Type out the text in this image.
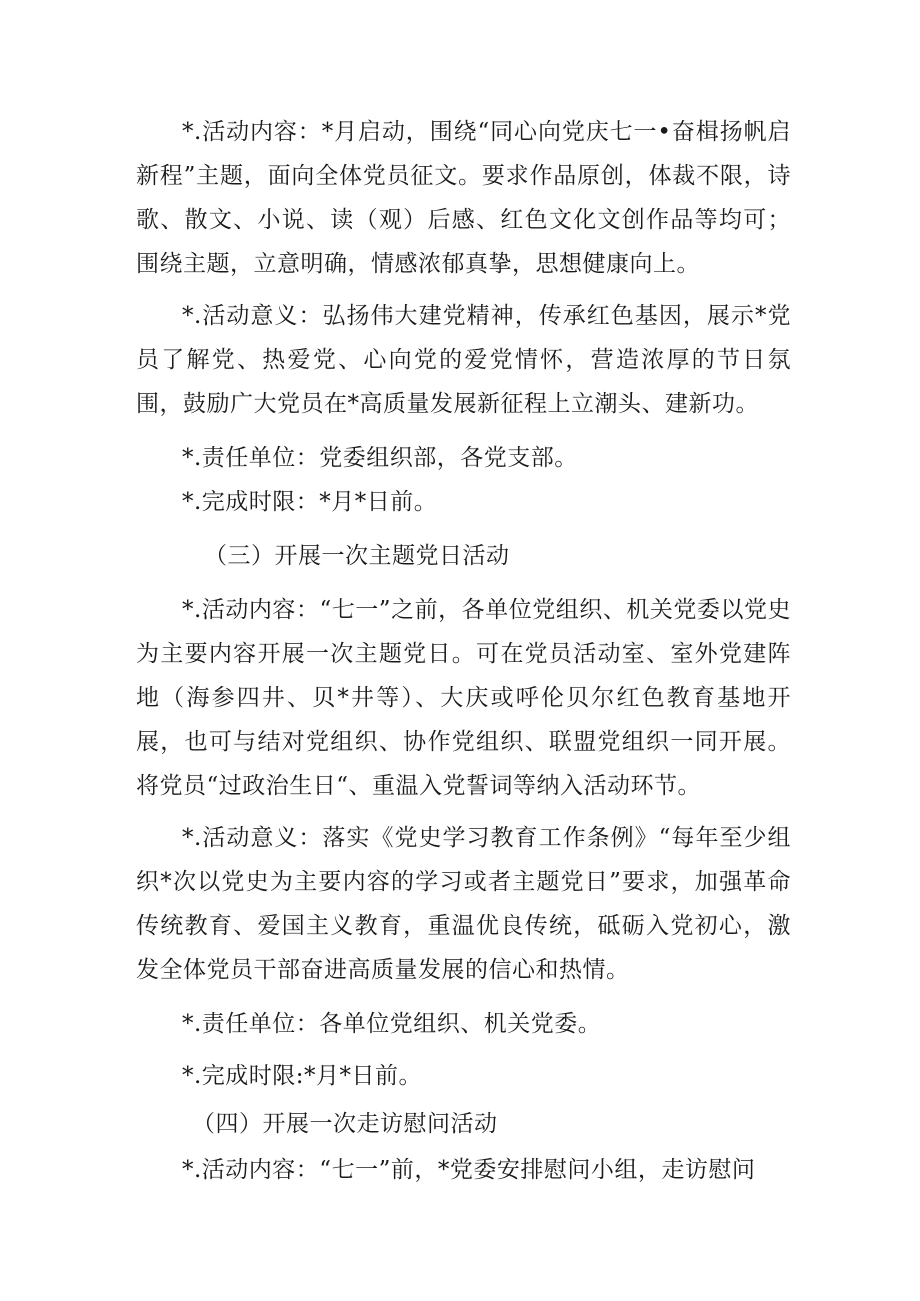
*.活动内容：*月启动，围绕“同心向党庆七一•奋楫扬帆启新程”主题，面向全体党员征文。要求作品原创，体裁不限，诗歌、散文、小说、读（观）后感、红色文化文创作品等均可；围绕主题，立意明确，情感浓郁真挚，思想健康向上。

*.活动意义：弘扬伟大建党精神，传承红色基因，展示*党员了解党、热爱党、心向党的爱党情怀，营造浓厚的节日氛围，鼓励广大党员在*高质量发展新征程上立潮头、建新功。

*.责任单位：党委组织部，各党支部。

*.完成时限：*月*日前。

（三）开展一次主题党日活动

*.活动内容：“七一”之前，各单位党组织、机关党委以党史为主要内容开展一次主题党日。可在党员活动室、室外党建阵地（海参四井、贝*井等）、大庆或呼伦贝尔红色教育基地开展，也可与结对党组织、协作党组织、联盟党组织一同开展。将党员“过政治生日“、重温入党誓词等纳入活动环节。

*.活动意义：落实《党史学习教育工作条例》“每年至少组织*次以党史为主要内容的学习或者主题党日”要求，加强革命传统教育、爱国主义教育，重温优良传统，砥砺入党初心，激发全体党员干部奋进高质量发展的信心和热情。

*.责任单位：各单位党组织、机关党委。

*.完成时限:*月*日前。

（四）开展一次走访慰问活动

*.活动内容：“七一”前，*党委安排慰问小组，走访慰问
